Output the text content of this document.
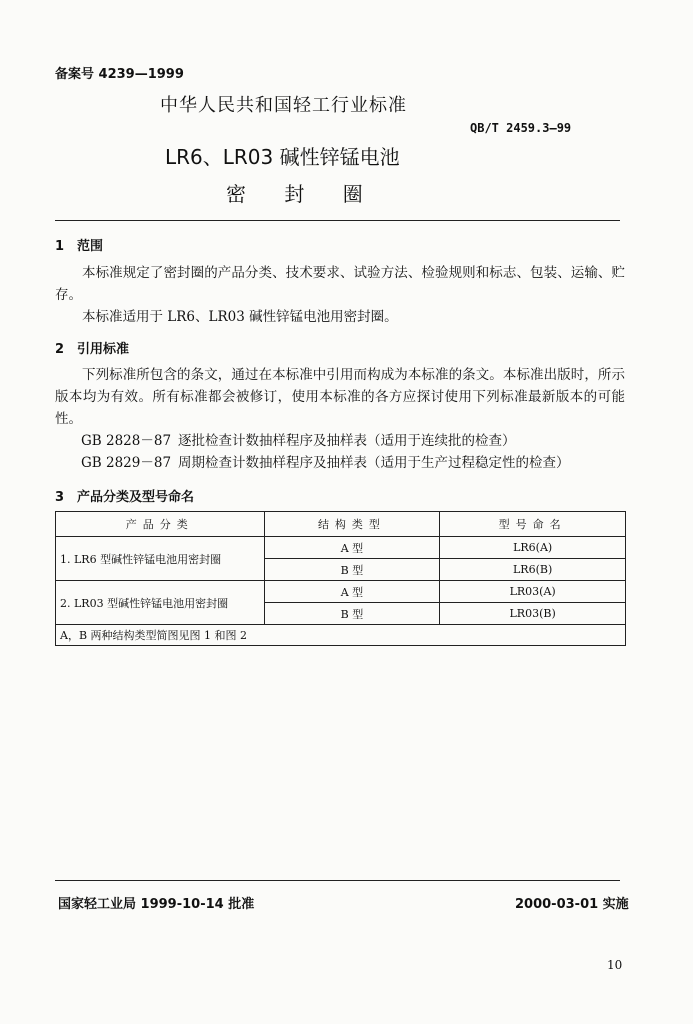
备案号 4239—1999
中华人民共和国轻工行业标准
QB/T 2459.3—99
LR6、LR03 碱性锌锰电池
密 封 圈
1　范围
本标准规定了密封圈的产品分类、技术要求、试验方法、检验规则和标志、包装、运输、贮存。
本标准适用于 LR6、LR03 碱性锌锰电池用密封圈。
2　引用标准
下列标准所包含的条文，通过在本标准中引用而构成为本标准的条文。本标准出版时，所示版本均为有效。所有标准都会被修订，使用本标准的各方应探讨使用下列标准最新版本的可能性。
GB 2828－87 逐批检查计数抽样程序及抽样表（适用于连续批的检查）
GB 2829－87 周期检查计数抽样程序及抽样表（适用于生产过程稳定性的检查）
3　产品分类及型号命名
产品分类	结构类型	型号命名
1. LR6 型碱性锌锰电池用密封圈	A 型	LR6(A)
	B 型	LR6(B)
2. LR03 型碱性锌锰电池用密封圈	A 型	LR03(A)
	B 型	LR03(B)
A，B 两种结构类型简图见图 1 和图 2		
国家轻工业局 1999-10-14 批准	2000-03-01 实施
10
